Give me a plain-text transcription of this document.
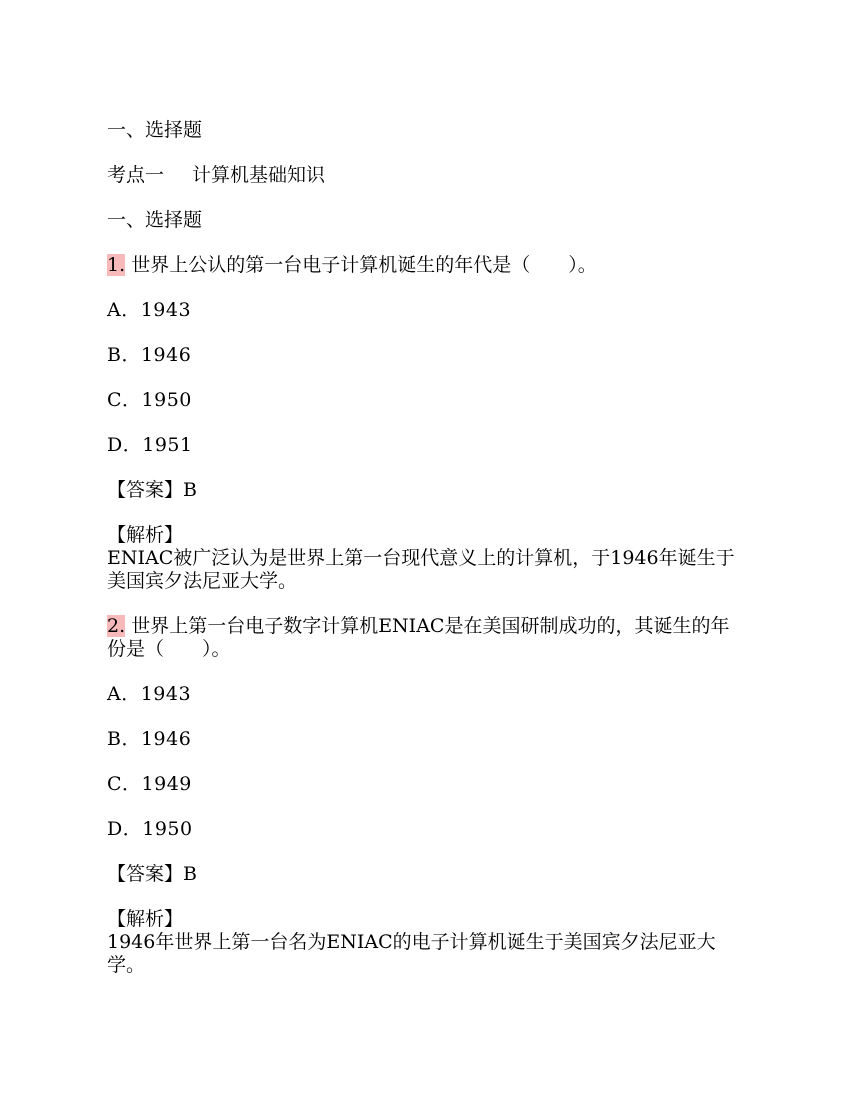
一、选择题
考点一 计算机基础知识
一、选择题
1. 世界上公认的第一台电子计算机诞生的年代是（　　）。
A．1943
B．1946
C．1950
D．1951
【答案】B
【解析】
ENIAC被广泛认为是世界上第一台现代意义上的计算机，于1946年诞生于美国宾夕法尼亚大学。
2. 世界上第一台电子数字计算机ENIAC是在美国研制成功的，其诞生的年份是（　　）。
A．1943
B．1946
C．1949
D．1950
【答案】B
【解析】
1946年世界上第一台名为ENIAC的电子计算机诞生于美国宾夕法尼亚大学。
